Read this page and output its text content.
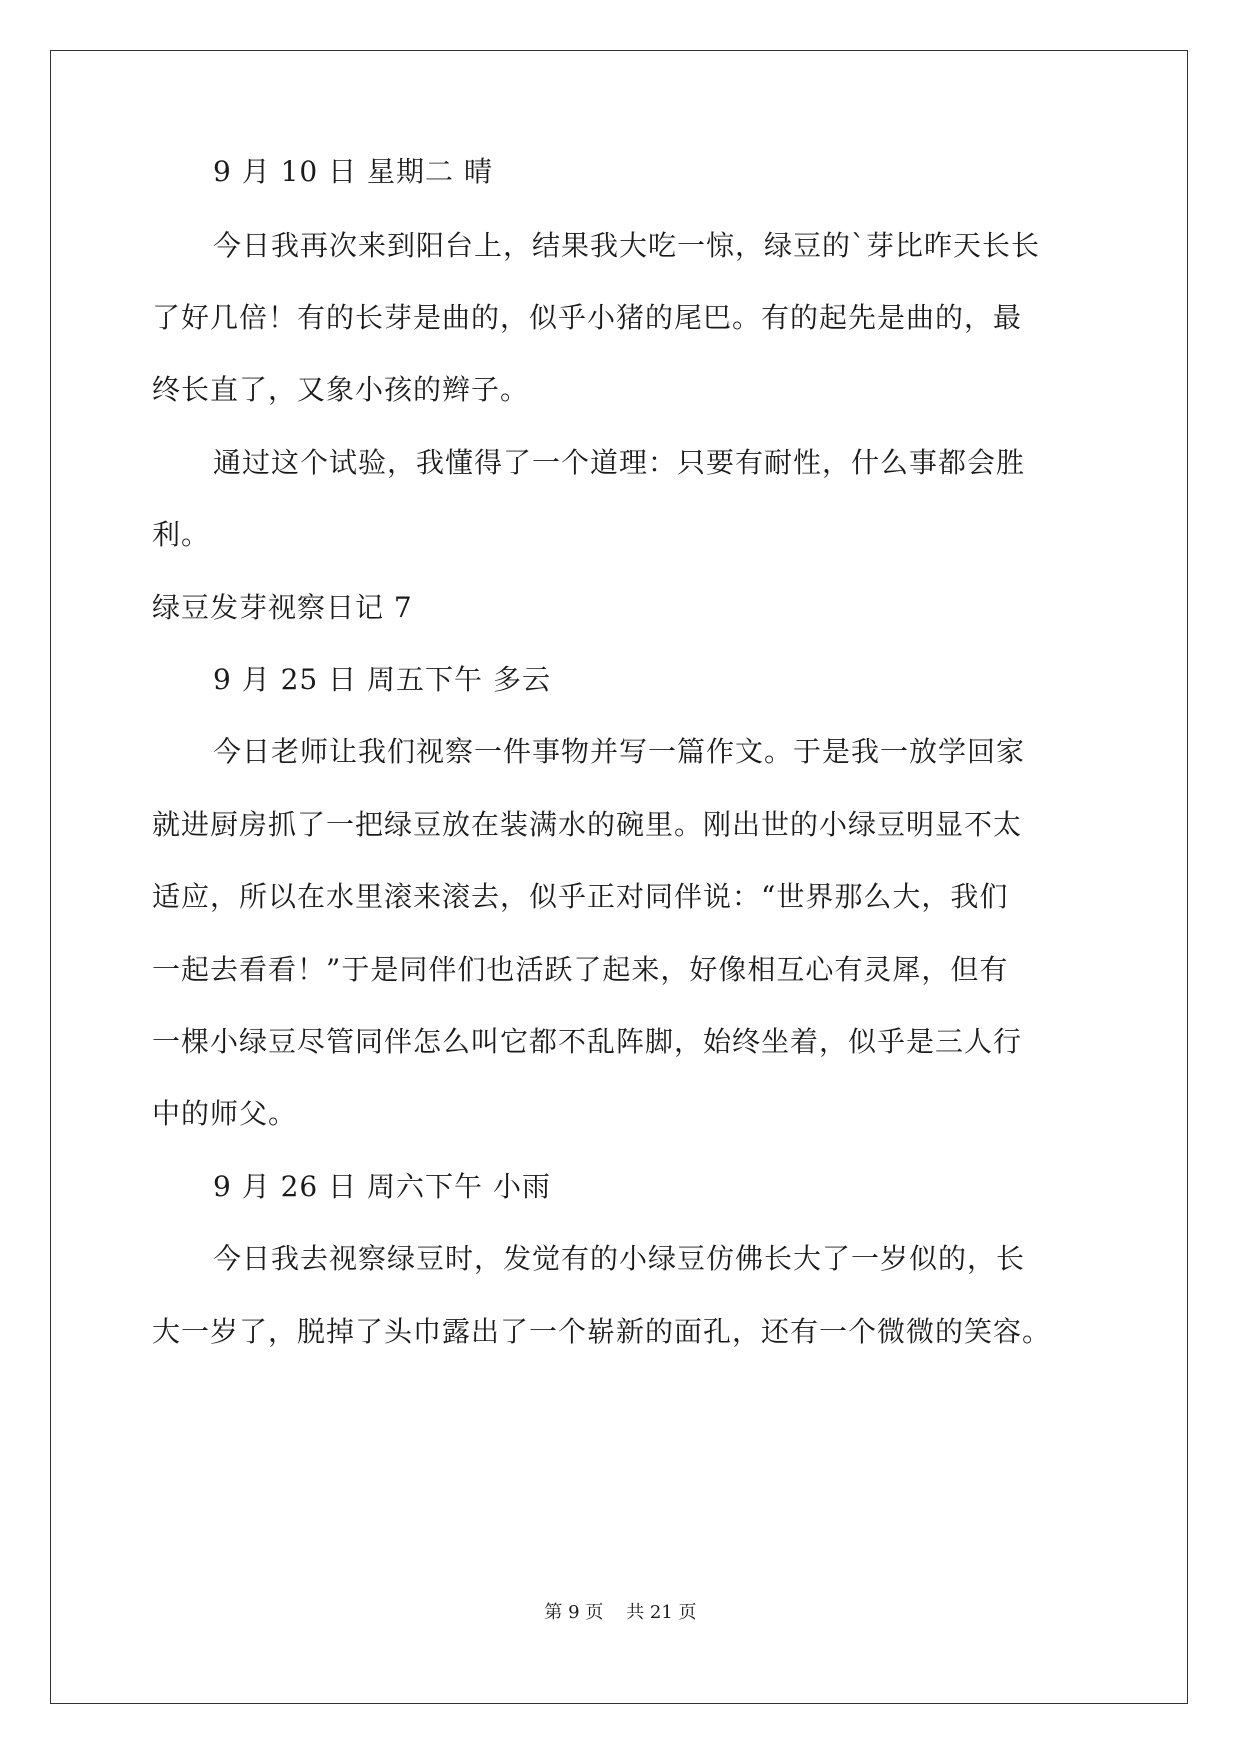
9 月 10 日 星期二 晴
今日我再次来到阳台上，结果我大吃一惊，绿豆的`芽比昨天长长
了好几倍！有的长芽是曲的，似乎小猪的尾巴。有的起先是曲的，最
终长直了，又象小孩的辫子。
通过这个试验，我懂得了一个道理：只要有耐性，什么事都会胜
利。
绿豆发芽视察日记 7
9 月 25 日 周五下午 多云
今日老师让我们视察一件事物并写一篇作文。于是我一放学回家
就进厨房抓了一把绿豆放在装满水的碗里。刚出世的小绿豆明显不太
适应，所以在水里滚来滚去，似乎正对同伴说：“世界那么大，我们
一起去看看！”于是同伴们也活跃了起来，好像相互心有灵犀，但有
一棵小绿豆尽管同伴怎么叫它都不乱阵脚，始终坐着，似乎是三人行
中的师父。
9 月 26 日 周六下午 小雨
今日我去视察绿豆时，发觉有的小绿豆仿佛长大了一岁似的，长
大一岁了，脱掉了头巾露出了一个崭新的面孔，还有一个微微的笑容。
第 9 页    共 21 页
